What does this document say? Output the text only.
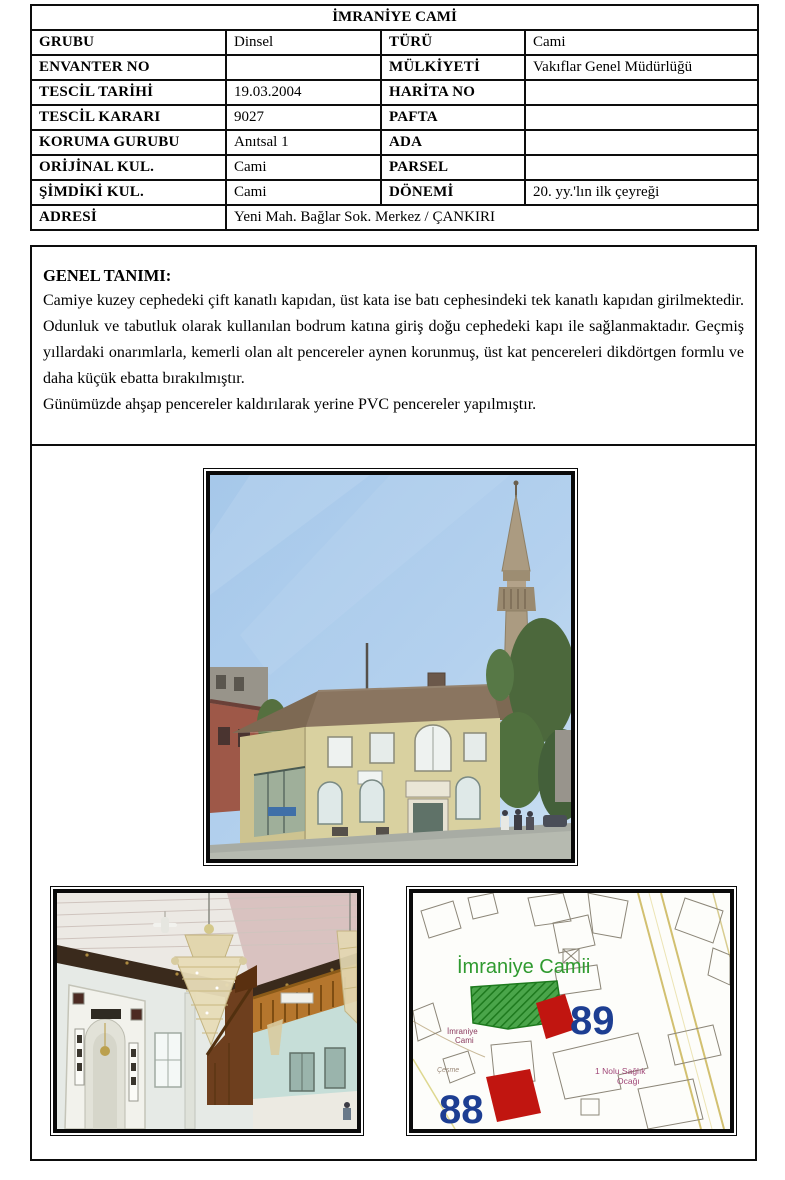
İMRANİYE CAMİ			
GRUBU	Dinsel	TÜRÜ	Cami
ENVANTER NO		MÜLKİYETİ	Vakıflar Genel Müdürlüğü
TESCİL TARİHİ	19.03.2004	HARİTA NO	
TESCİL KARARI	9027	PAFTA	
KORUMA GURUBU	Anıtsal 1	ADA	
ORİJİNAL KUL.	Cami	PARSEL	
ŞİMDİKİ KUL.	Cami	DÖNEMİ	20. yy.'lın ilk çeyreği
ADRESİ	Yeni Mah. Bağlar Sok. Merkez / ÇANKIRI		
GENEL TANIMI:

Camiye kuzey cephedeki çift kanatlı kapıdan, üst kata ise batı cephesindeki tek kanatlı kapıdan girilmektedir. Odunluk ve tabutluk olarak kullanılan bodrum katına giriş doğu cephedeki kapı ile sağlanmaktadır. Geçmiş yıllardaki onarımlarla, kemerli olan alt pencereler aynen korunmuş, üst kat pencereleri dikdörtgen formlu ve daha küçük ebatta bırakılmıştır.

Günümüzde ahşap pencereler kaldırılarak yerine PVC pencereler yapılmıştır.

İmraniye Camii
89
88
İmraniye
Cami
Çeşme	1 Nolu Sağlık
Ocağı
